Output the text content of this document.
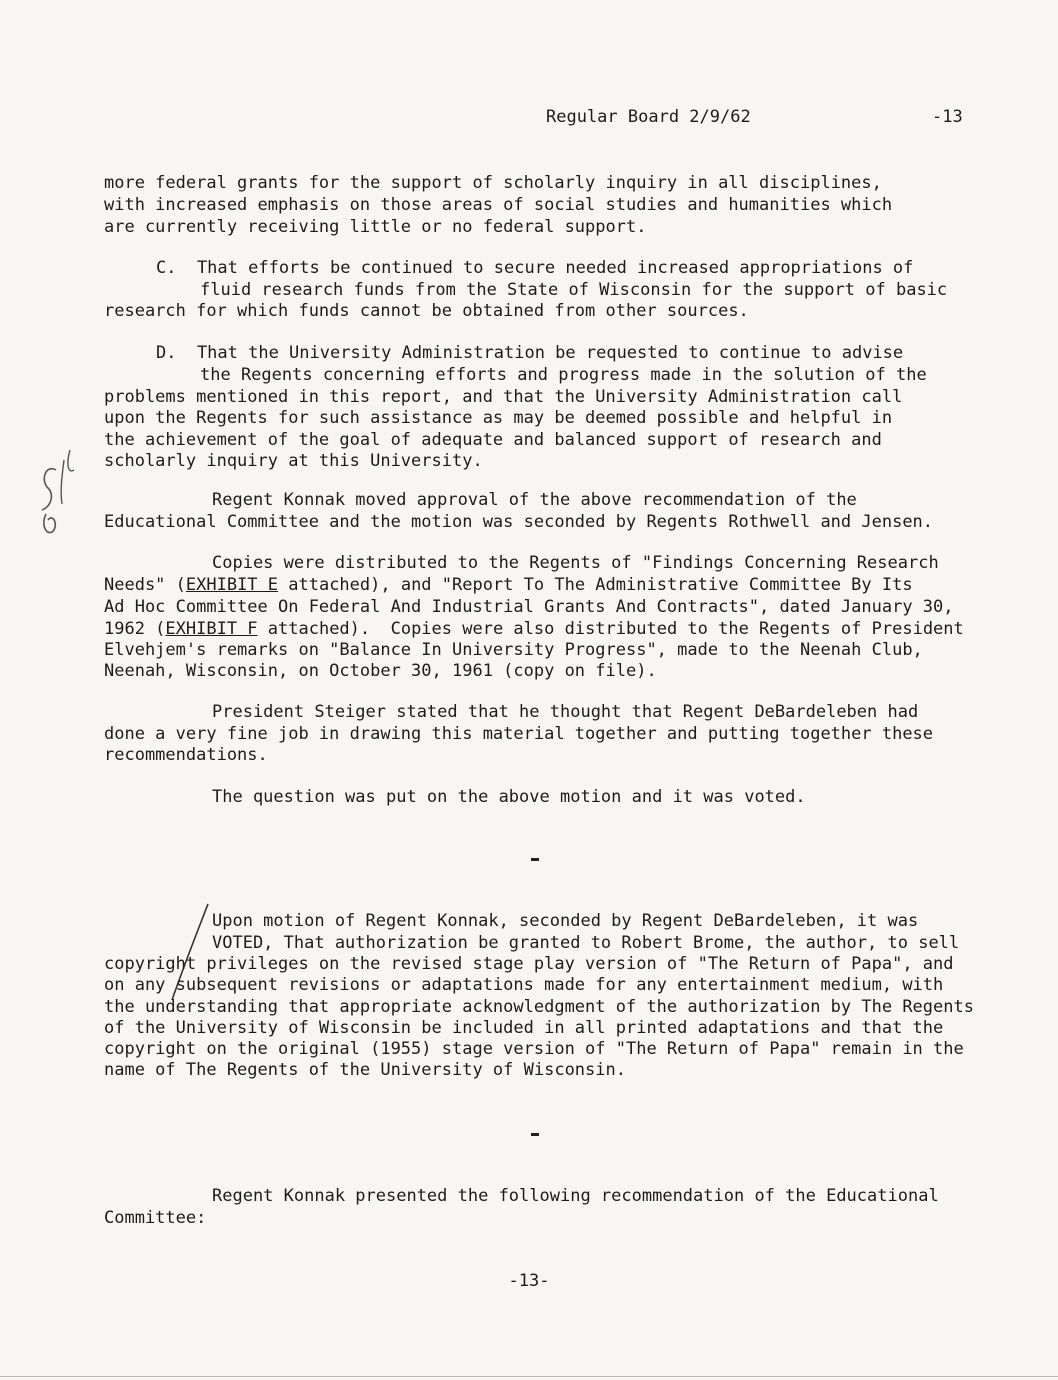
Regular Board 2/9/62	-13

more federal grants for the support of scholarly inquiry in all disciplines,

with increased emphasis on those areas of social studies and humanities which

are currently receiving little or no federal support.

C.  That efforts be continued to secure needed increased appropriations of

fluid research funds from the State of Wisconsin for the support of basic

research for which funds cannot be obtained from other sources.

D.  That the University Administration be requested to continue to advise

the Regents concerning efforts and progress made in the solution of the

problems mentioned in this report, and that the University Administration call

upon the Regents for such assistance as may be deemed possible and helpful in

the achievement of the goal of adequate and balanced support of research and

scholarly inquiry at this University.

Regent Konnak moved approval of the above recommendation of the

Educational Committee and the motion was seconded by Regents Rothwell and Jensen.

Copies were distributed to the Regents of "Findings Concerning Research

Needs" (EXHIBIT E attached), and "Report To The Administrative Committee By Its

Ad Hoc Committee On Federal And Industrial Grants And Contracts", dated January 30,

1962 (EXHIBIT F attached).  Copies were also distributed to the Regents of President

Elvehjem's remarks on "Balance In University Progress", made to the Neenah Club,

Neenah, Wisconsin, on October 30, 1961 (copy on file).

President Steiger stated that he thought that Regent DeBardeleben had

done a very fine job in drawing this material together and putting together these

recommendations.

The question was put on the above motion and it was voted.

Upon motion of Regent Konnak, seconded by Regent DeBardeleben, it was

VOTED, That authorization be granted to Robert Brome, the author, to sell

copyright privileges on the revised stage play version of "The Return of Papa", and

on any subsequent revisions or adaptations made for any entertainment medium, with

the understanding that appropriate acknowledgment of the authorization by The Regents

of the University of Wisconsin be included in all printed adaptations and that the

copyright on the original (1955) stage version of "The Return of Papa" remain in the

name of The Regents of the University of Wisconsin.

Regent Konnak presented the following recommendation of the Educational

Committee:

-13-
